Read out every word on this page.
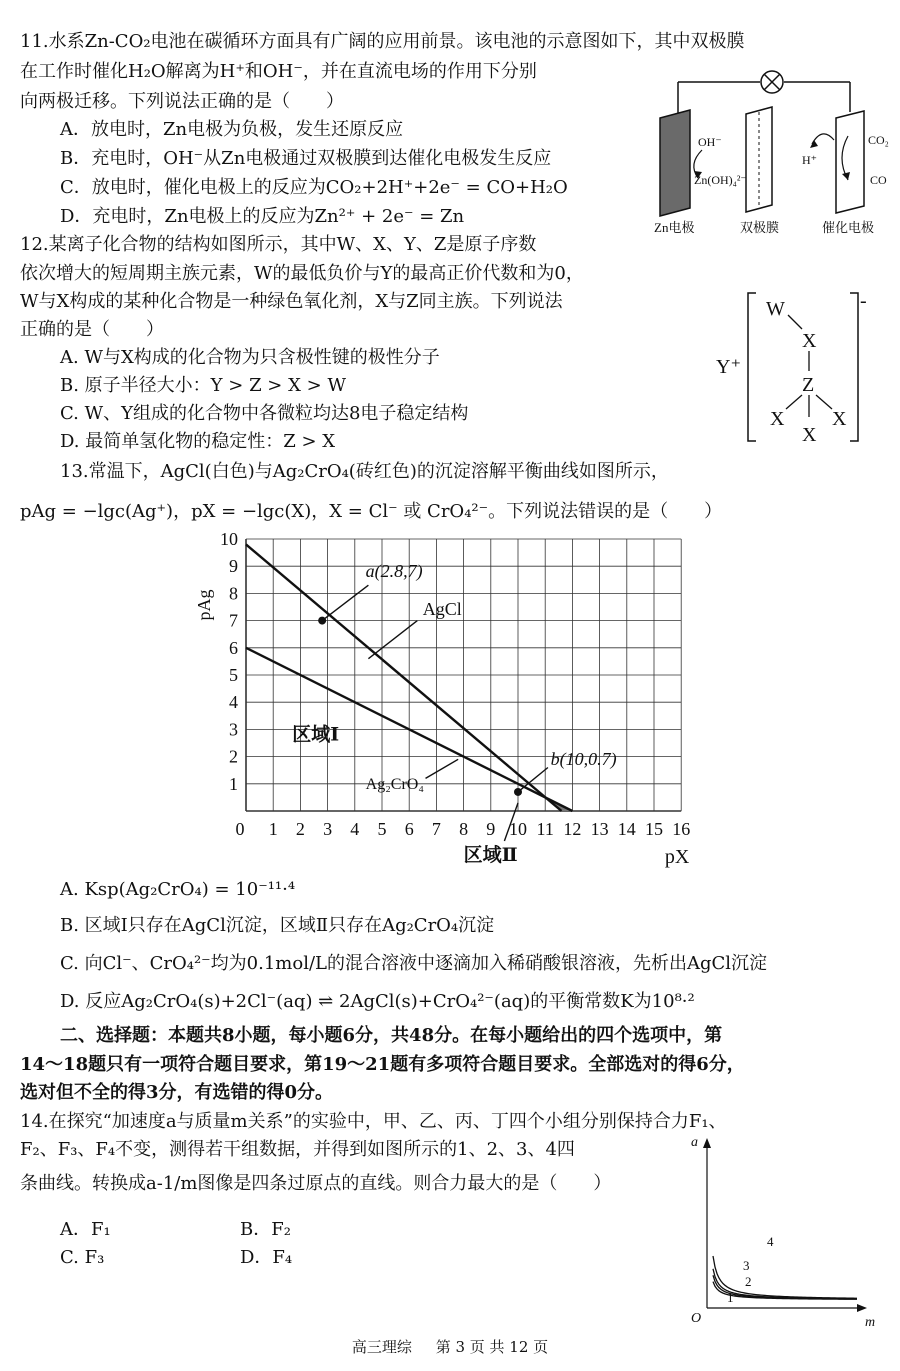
11.水系Zn-CO₂电池在碳循环方面具有广阔的应用前景。该电池的示意图如下，其中双极膜
在工作时催化H₂O解离为H⁺和OH⁻，并在直流电场的作用下分别
向两极迁移。下列说法正确的是（　　）
A．放电时，Zn电极为负极，发生还原反应
B．充电时，OH⁻从Zn电极通过双极膜到达催化电极发生反应
C．放电时，催化电极上的反应为CO₂+2H⁺+2e⁻ = CO+H₂O
D．充电时，Zn电极上的反应为Zn²⁺ + 2e⁻ = Zn
OH⁻
Zn(OH)₄²⁻
H⁺
CO₂
CO
Zn电极	双极膜	催化电极
12.某离子化合物的结构如图所示，其中W、X、Y、Z是原子序数
依次增大的短周期主族元素，W的最低负价与Y的最高正价代数和为0，
W与X构成的某种化合物是一种绿色氧化剂，X与Z同主族。下列说法
正确的是（　　）
A. W与X构成的化合物为只含极性键的极性分子
B. 原子半径大小：Y > Z > X > W
C. W、Y组成的化合物中各微粒均达8电子稳定结构
D. 最简单氢化物的稳定性：Z > X
Y⁺
-
W
X
Z
X X
X
13.常温下，AgCl(白色)与Ag₂CrO₄(砖红色)的沉淀溶解平衡曲线如图所示，
pAg = −lgc(Ag⁺)，pX = −lgc(X)，X = Cl⁻ 或 CrO₄²⁻。下列说法错误的是（　　）
0 1 2 3 4 5 6 7 8 9 10 11 12 13 14 15 16
1
2
3
4
5
6
7
8
9
10
pAg
pX
AgCl
Ag₂CrO₄
a(2.8,7)
b(10,0.7)
区域Ⅰ
区域Ⅱ
A. Ksp(Ag₂CrO₄) = 10⁻¹¹·⁴
B. 区域Ⅰ只存在AgCl沉淀，区域Ⅱ只存在Ag₂CrO₄沉淀
C. 向Cl⁻、CrO₄²⁻均为0.1mol/L的混合溶液中逐滴加入稀硝酸银溶液，先析出AgCl沉淀
D. 反应Ag₂CrO₄(s)+2Cl⁻(aq) ⇌ 2AgCl(s)+CrO₄²⁻(aq)的平衡常数K为10⁸·²
二、选择题：本题共8小题，每小题6分，共48分。在每小题给出的四个选项中，第
14～18题只有一项符合题目要求，第19～21题有多项符合题目要求。全部选对的得6分，
选对但不全的得3分，有选错的得0分。
14.在探究“加速度a与质量m关系”的实验中，甲、乙、丙、丁四个小组分别保持合力F₁、
F₂、F₃、F₄不变，测得若干组数据，并得到如图所示的1、2、3、4四
条曲线。转换成a-1/m图像是四条过原点的直线。则合力最大的是（　　）
A．F₁	B．F₂
C. F₃	D．F₄
a
m
O
1
2
3
4
高三理综 第 3 页 共 12 页
